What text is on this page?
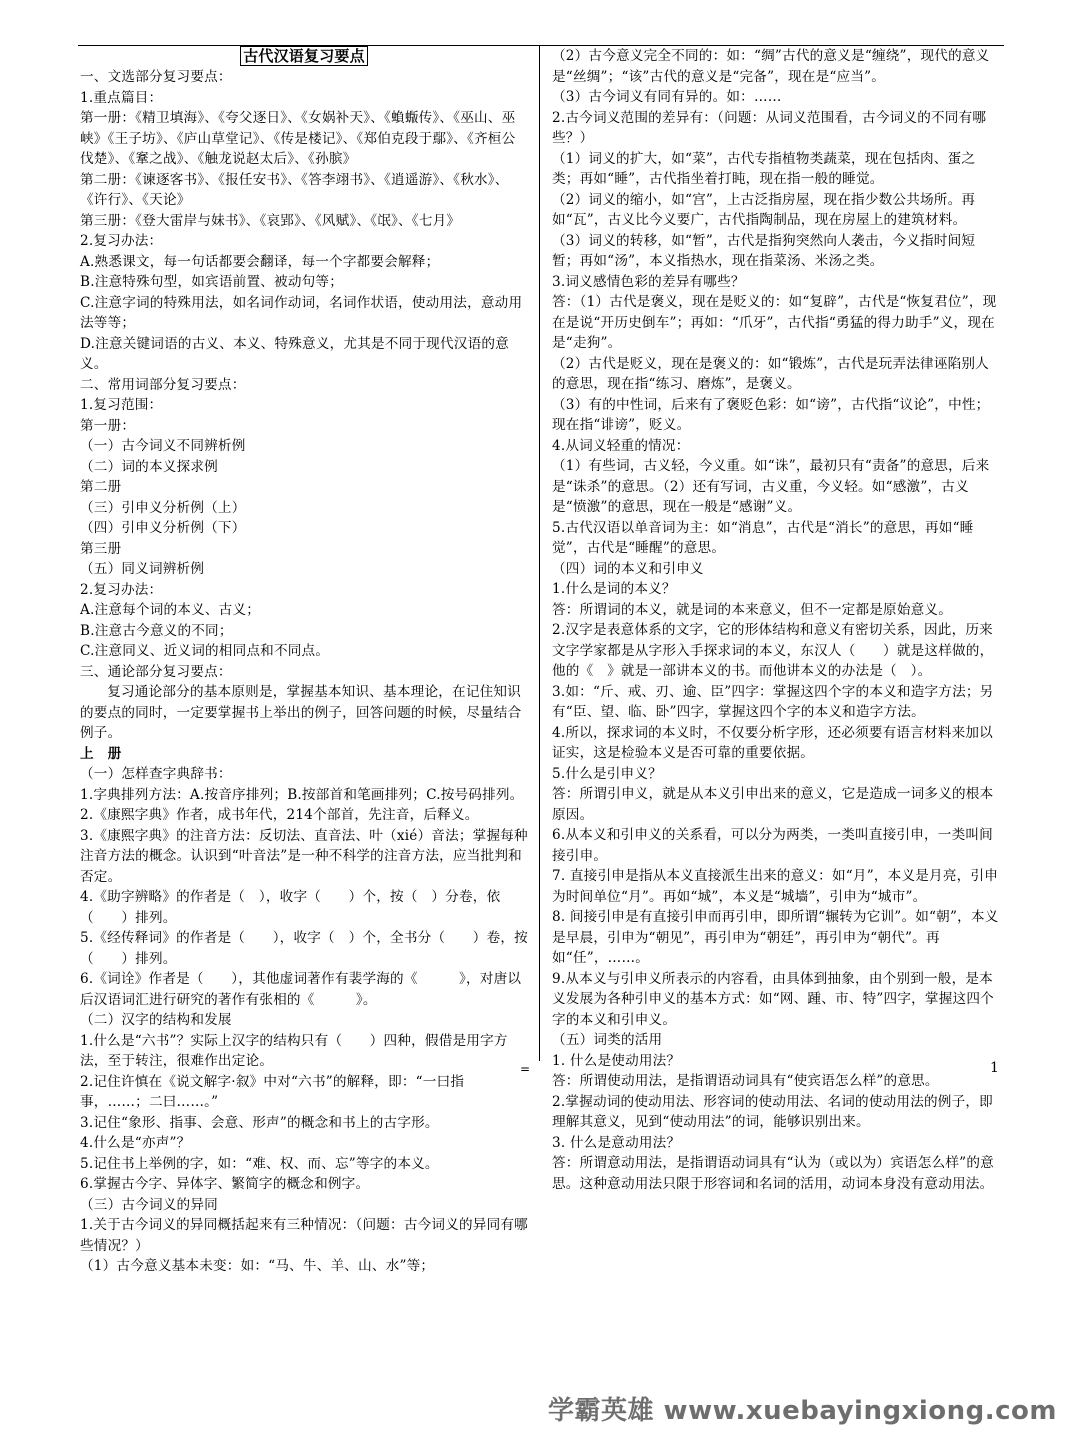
古代汉语复习要点

一、文选部分复习要点：

1.重点篇目：

第一册：《精卫填海》、《夸父逐日》、《女娲补天》、《蝜蝂传》、《巫山、巫峡》《王子坊》、《庐山草堂记》、《传是楼记》、《郑伯克段于鄢》、《齐桓公伐楚》、《鞌之战》、《触龙说赵太后》、《孙膑》

第二册：《谏逐客书》、《报任安书》、《答李翊书》、《逍遥游》、《秋水》、《许行》、《天论》

第三册：《登大雷岸与妹书》、《哀郢》、《风赋》、《氓》、《七月》

2.复习办法：

A.熟悉课文，每一句话都要会翻译，每一个字都要会解释；

B.注意特殊句型，如宾语前置、被动句等；

C.注意字词的特殊用法，如名词作动词，名词作状语，使动用法，意动用法等等；

D.注意关键词语的古义、本义、特殊意义，尤其是不同于现代汉语的意义。

二、常用词部分复习要点：

1.复习范围：

第一册：

（一）古今词义不同辨析例

（二）词的本义探求例

第二册

（三）引申义分析例（上）

（四）引申义分析例（下）

第三册

（五）同义词辨析例

2.复习办法：

A.注意每个词的本义、古义；

B.注意古今意义的不同；

C.注意同义、近义词的相同点和不同点。

三、通论部分复习要点：

复习通论部分的基本原则是，掌握基本知识、基本理论，在记住知识的要点的同时，一定要掌握书上举出的例子，回答问题的时候，尽量结合例子。

上　册

（一）怎样查字典辞书：

1.字典排列方法：A.按音序排列；B.按部首和笔画排列；C.按号码排列。

2.《康熙字典》作者，成书年代，214个部首，先注音，后释义。

3.《康熙字典》的注音方法：反切法、直音法、叶（xié）音法；掌握每种注音方法的概念。认识到“叶音法”是一种不科学的注音方法，应当批判和否定。

4.《助字辨略》的作者是（　），收字（　　）个，按（　）分卷，依（　　）排列。

5.《经传释词》的作者是（　　），收字（　）个，全书分（　　）卷，按（　　）排列。

6.《词诠》作者是（　　），其他虚词著作有裴学海的《　　　》，对唐以后汉语词汇进行研究的著作有张相的《　　　》。

（二）汉字的结构和发展

1.什么是“六书”？实际上汉字的结构只有（　　）四种，假借是用字方法，至于转注，很难作出定论。

2.记住许慎在《说文解字·叙》中对“六书”的解释，即：“一曰指事，……；二曰……。”

3.记住“象形、指事、会意、形声”的概念和书上的古字形。

4.什么是“亦声”？

5.记住书上举例的字，如：“难、权、而、忘”等字的本义。

6.掌握古今字、异体字、繁简字的概念和例字。

（三）古今词义的异同

1.关于古今词义的异同概括起来有三种情况：（问题：古今词义的异同有哪些情况？）

（1）古今意义基本未变：如：“马、牛、羊、山、水”等；

（2）古今意义完全不同的：如：“绸”古代的意义是“缠绕”，现代的意义是“丝绸”；“该”古代的意义是“完备”，现在是“应当”。

（3）古今词义有同有异的。如：……

2.古今词义范围的差异有：（问题：从词义范围看，古今词义的不同有哪些？）

（1）词义的扩大，如“菜”，古代专指植物类蔬菜，现在包括肉、蛋之类；再如“睡”，古代指坐着打盹，现在指一般的睡觉。

（2）词义的缩小，如“宫”，上古泛指房屋，现在指少数公共场所。再如“瓦”，古义比今义要广，古代指陶制品，现在房屋上的建筑材料。

（3）词义的转移，如“暂”，古代是指狗突然向人袭击，今义指时间短暂；再如“汤”，本义指热水，现在指菜汤、米汤之类。

3.词义感情色彩的差异有哪些？

答：（1）古代是褒义，现在是贬义的：如“复辟”，古代是“恢复君位”，现在是说“开历史倒车”；再如：“爪牙”，古代指“勇猛的得力助手”义，现在是“走狗”。

（2）古代是贬义，现在是褒义的：如“锻炼”，古代是玩弄法律诬陷别人的意思，现在指“练习、磨炼”，是褒义。

（3）有的中性词，后来有了褒贬色彩：如“谤”，古代指“议论”，中性；现在指“诽谤”，贬义。

4.从词义轻重的情况：

（1）有些词，古义轻，今义重。如“诛”，最初只有“责备”的意思，后来是“诛杀”的意思。（2）还有写词，古义重，今义轻。如“感激”，古义是“愤激”的意思，现在一般是“感谢”义。

5.古代汉语以单音词为主：如“消息”，古代是“消长”的意思，再如“睡觉”，古代是“睡醒”的意思。

（四）词的本义和引申义

1.什么是词的本义？

答：所谓词的本义，就是词的本来意义，但不一定都是原始意义。

2.汉字是表意体系的文字，它的形体结构和意义有密切关系，因此，历来文字学家都是从字形入手探求词的本义，东汉人（　　）就是这样做的，他的《　》就是一部讲本义的书。而他讲本义的办法是（　）。

3.如：“斤、戒、刃、逾、臣”四字：掌握这四个字的本义和造字方法；另有“臣、望、临、卧”四字，掌握这四个字的本义和造字方法。

4.所以，探求词的本义时，不仅要分析字形，还必须要有语言材料来加以证实，这是检验本义是否可靠的重要依据。

5.什么是引申义？

答：所谓引申义，就是从本义引申出来的意义，它是造成一词多义的根本原因。

6.从本义和引申义的关系看，可以分为两类，一类叫直接引申，一类叫间接引申。

7. 直接引申是指从本义直接派生出来的意义：如“月”，本义是月亮，引申为时间单位“月”。再如“城”，本义是“城墙”，引申为“城市”。

8. 间接引申是有直接引申而再引申，即所谓“辗转为它训”。如“朝”，本义是早晨，引申为“朝见”，再引申为“朝廷”，再引申为“朝代”。再如“任”，……。

9.从本义与引申义所表示的内容看，由具体到抽象，由个别到一般，是本义发展为各种引申义的基本方式：如“网、踵、市、特”四字，掌握这四个字的本义和引申义。

（五）词类的活用

1. 什么是使动用法？

答：所谓使动用法，是指谓语动词具有“使宾语怎么样”的意思。

2.掌握动词的使动用法、形容词的使动用法、名词的使动用法的例子，即理解其意义，见到“使动用法”的词，能够识别出来。

3. 什么是意动用法？

答：所谓意动用法，是指谓语动词具有“认为（或以为）宾语怎么样”的意思。这种意动用法只限于形容词和名词的活用，动词本身没有意动用法。

=	1
学霸英雄 www.xuebayingxiong.com
